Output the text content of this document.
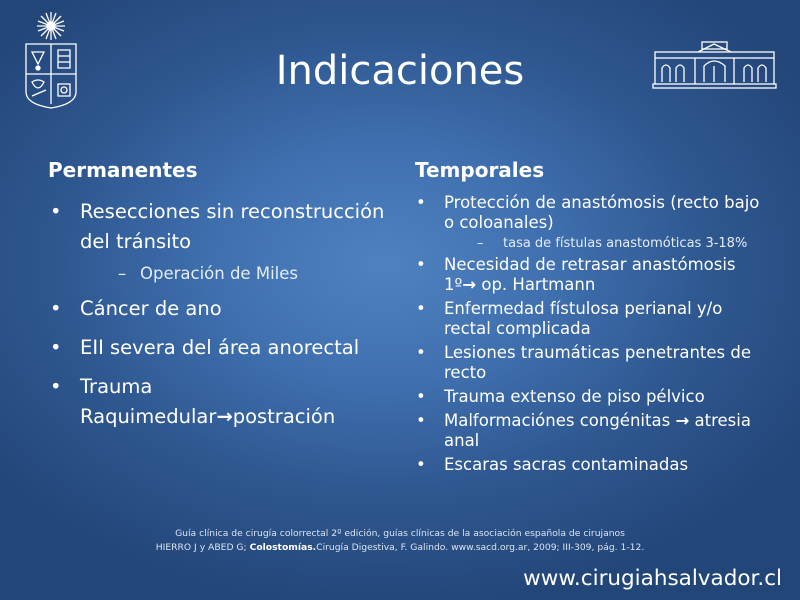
Indicaciones
Permanentes	Temporales
• Resecciones sin reconstrucción del tránsito
– Operación de Miles
• Cáncer de ano
• EII severa del área anorectal
• Trauma Raquimedular→postración
• Protección de anastómosis (recto bajo o coloanales)
– tasa de fístulas anastomóticas 3-18%
• Necesidad de retrasar anastómosis 1º→ op. Hartmann
• Enfermedad fístulosa perianal y/o rectal complicada
• Lesiones traumáticas penetrantes de recto
• Trauma extenso de piso pélvico
• Malformaciónes congénitas → atresia anal
• Escaras sacras contaminadas
Guía clínica de cirugía colorrectal 2º edición, guías clínicas de la asociación española de cirujanos
HIERRO J y ABED G; Colostomías.Cirugía Digestiva, F. Galindo. www.sacd.org.ar, 2009; III-309, pág. 1-12.
www.cirugiahsalvador.cl
